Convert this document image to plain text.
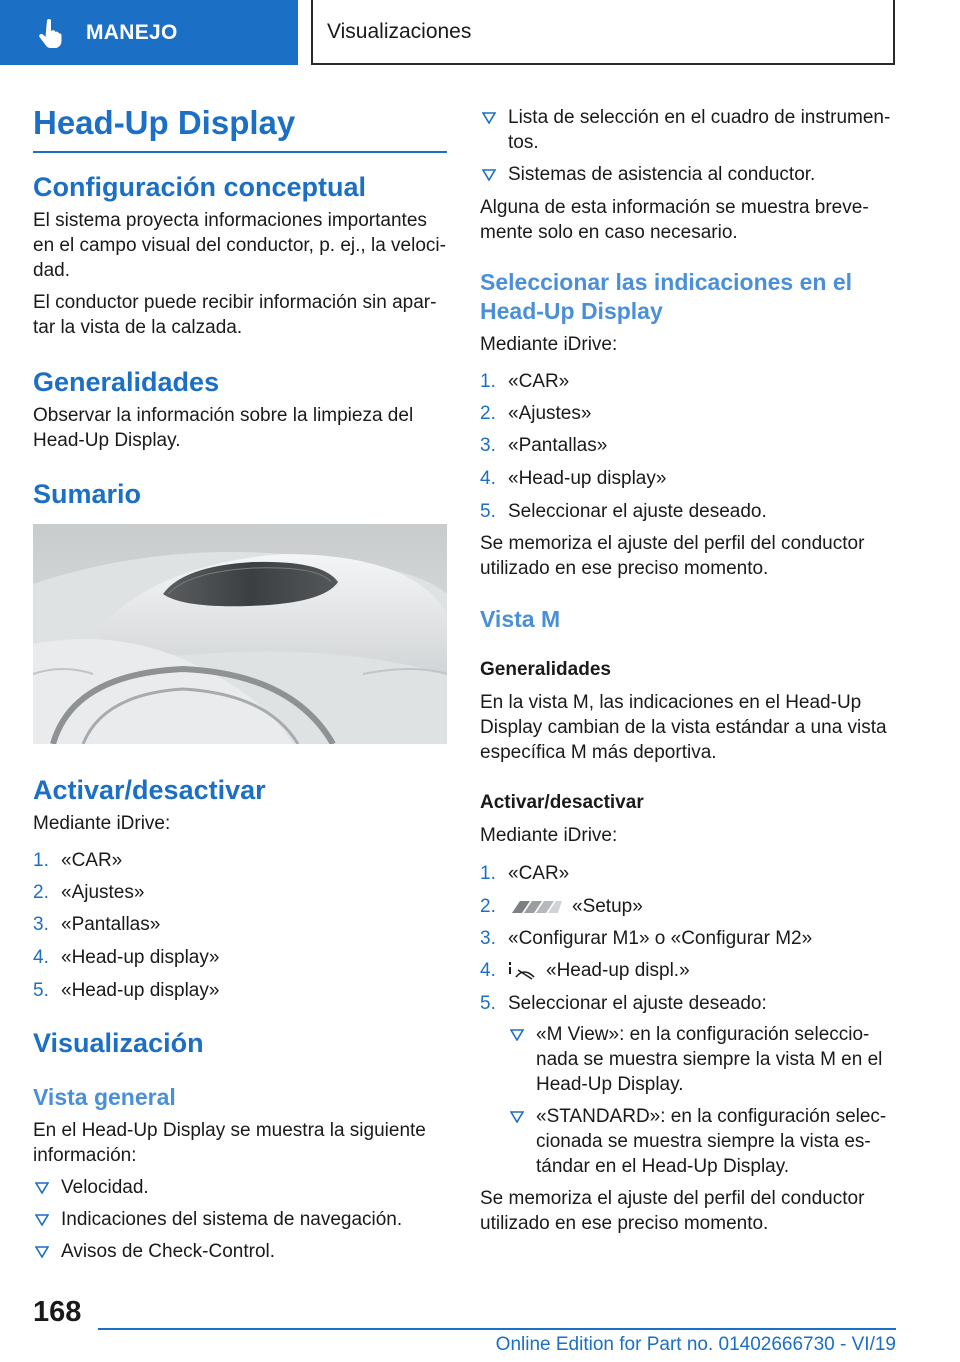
MANEJO	Visualizaciones
Head-Up Display
Configuración conceptual

El sistema proyecta informaciones importantes en el campo visual del conductor, p. ej., la veloci-dad.

El conductor puede recibir información sin apar-tar la vista de la calzada.

Generalidades

Observar la información sobre la limpieza del Head-Up Display.

Sumario
Activar/desactivar

Mediante iDrive:

1. «CAR»
2. «Ajustes»
3. «Pantallas»
4. «Head-up display»
5. «Head-up display»
Visualización
Vista general

En el Head-Up Display se muestra la siguiente información:

Velocidad.
Indicaciones del sistema de navegación.
Avisos de Check-Control.
Lista de selección en el cuadro de instrumen-tos.
Sistemas de asistencia al conductor.

Alguna de esta información se muestra breve-mente solo en caso necesario.

Seleccionar las indicaciones en el Head-Up Display

Mediante iDrive:

1. «CAR»
2. «Ajustes»
3. «Pantallas»
4. «Head-up display»
5. Seleccionar el ajuste deseado.

Se memoriza el ajuste del perfil del conductor utilizado en ese preciso momento.

Vista M
Generalidades

En la vista M, las indicaciones en el Head-Up Display cambian de la vista estándar a una vista específica M más deportiva.

Activar/desactivar

Mediante iDrive:

1. «CAR»
2.	«Setup»
3. «Configurar M1» o «Configurar M2»
4.	«Head-up displ.»
5. Seleccionar el ajuste deseado:
«M View»: en la configuración seleccio-nada se muestra siempre la vista M en el Head-Up Display.
«STANDARD»: en la configuración selec-cionada se muestra siempre la vista es-tándar en el Head-Up Display.

Se memoriza el ajuste del perfil del conductor utilizado en ese preciso momento.

168
Online Edition for Part no. 01402666730 - VI/19
